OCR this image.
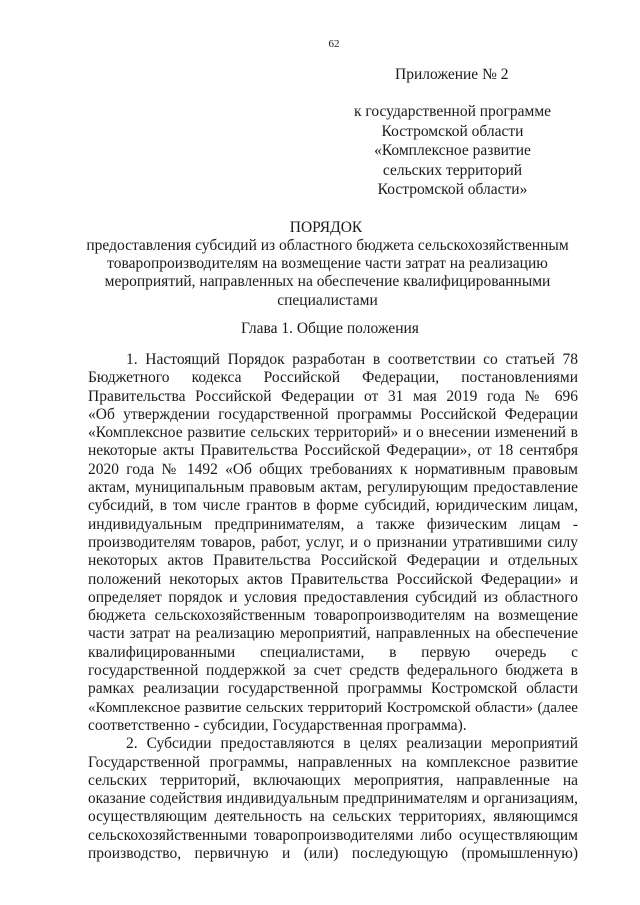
62
Приложение № 2
к государственной программе
Костромской области
«Комплексное развитие
сельских территорий
Костромской области»
ПОРЯДОК
предоставления субсидий из областного бюджета сельскохозяйственным
товаропроизводителям на возмещение части затрат на реализацию
мероприятий, направленных на обеспечение квалифицированными
специалистами
Глава 1. Общие положения

1. Настоящий Порядок разработан в соответствии со статьей 78
Бюджетного кодекса Российской Федерации, постановлениями
Правительства Российской Федерации от 31 мая 2019 года № 696
«Об утверждении государственной программы Российской Федерации
«Комплексное развитие сельских территорий» и о внесении изменений в
некоторые акты Правительства Российской Федерации», от 18 сентября
2020 года № 1492 «Об общих требованиях к нормативным правовым
актам, муниципальным правовым актам, регулирующим предоставление
субсидий, в том числе грантов в форме субсидий, юридическим лицам,
индивидуальным предпринимателям, а также физическим лицам -
производителям товаров, работ, услуг, и о признании утратившими силу
некоторых актов Правительства Российской Федерации и отдельных
положений некоторых актов Правительства Российской Федерации» и
определяет порядок и условия предоставления субсидий из областного
бюджета сельскохозяйственным товаропроизводителям на возмещение
части затрат на реализацию мероприятий, направленных на обеспечение
квалифицированными специалистами, в первую очередь с
государственной поддержкой за счет средств федерального бюджета в
рамках реализации государственной программы Костромской области
«Комплексное развитие сельских территорий Костромской области» (далее
соответственно - субсидии, Государственная программа).

2. Субсидии предоставляются в целях реализации мероприятий
Государственной программы, направленных на комплексное развитие
сельских территорий, включающих мероприятия, направленные на
оказание содействия индивидуальным предпринимателям и организациям,
осуществляющим деятельность на сельских территориях, являющимся
сельскохозяйственными товаропроизводителями либо осуществляющим
производство, первичную и (или) последующую (промышленную)
